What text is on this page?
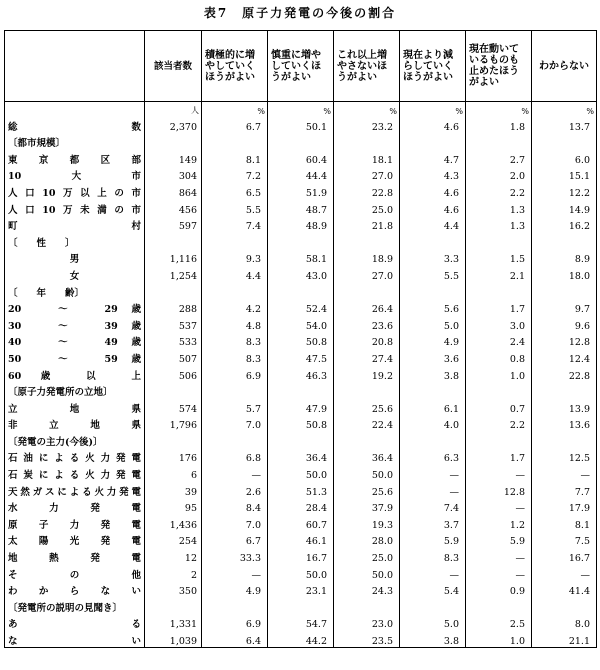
表7　原子力発電の今後の割合
	該当者数	積極的に増やしていくほうがよい	慎重に増やしていくほうがよい	これ以上増やさないほうがよい	現在より減らしていくほうがよい	現在動いているものも止めたほうがよい	わからない
	人	%	%	%	%	%	%
総　　数	2,370	6.7	50.1	23.2	4.6	1.8	13.7
〔都市規模〕							
東京都区部	149	8.1	60.4	18.1	4.7	2.7	6.0
10大市	304	7.2	44.4	27.0	4.3	2.0	15.1
人口10万以上の市	864	6.5	51.9	22.8	4.6	2.2	12.2
人口10万未満の市	456	5.5	48.7	25.0	4.6	1.3	14.9
町　　　村	597	7.4	48.9	21.8	4.4	1.3	16.2
〔　　性　　〕							
男	1,116	9.3	58.1	18.9	3.3	1.5	8.9
女	1,254	4.4	43.0	27.0	5.5	2.1	18.0
〔　　年　　齢〕							
20　～　29歳	288	4.2	52.4	26.4	5.6	1.7	9.7
30　～　39歳	537	4.8	54.0	23.6	5.0	3.0	9.6
40　～　49歳	533	8.3	50.8	20.8	4.9	2.4	12.8
50　～　59歳	507	8.3	47.5	27.4	3.6	0.8	12.4
60 歳 以 上	506	6.9	46.3	19.2	3.8	1.0	22.8
〔原子力発電所の立地〕							
立　地　県	574	5.7	47.9	25.6	6.1	0.7	13.9
非　立　地　県	1,796	7.0	50.8	22.4	4.0	2.2	13.6
〔発電の主力(今後)〕							
石油による火力発電	176	6.8	36.4	36.4	6.3	1.7	12.5
石炭による火力発電	6	—	50.0	50.0	—	—	—
天然ガスによる火力発電	39	2.6	51.3	25.6	—	12.8	7.7
水　力　発　電	95	8.4	28.4	37.9	7.4	—	17.9
原子力発電	1,436	7.0	60.7	19.3	3.7	1.2	8.1
太陽光発電	254	6.7	46.1	28.0	5.9	5.9	7.5
地　熱　発　電	12	33.3	16.7	25.0	8.3	—	16.7
そ　の　他	2	—	50.0	50.0	—	—	—
わ か ら な い	350	4.9	23.1	24.3	5.4	0.9	41.4
〔発電所の説明の見聞き〕							
あ　　る	1,331	6.9	54.7	23.0	5.0	2.5	8.0
な　　い	1,039	6.4	44.2	23.5	3.8	1.0	21.1
